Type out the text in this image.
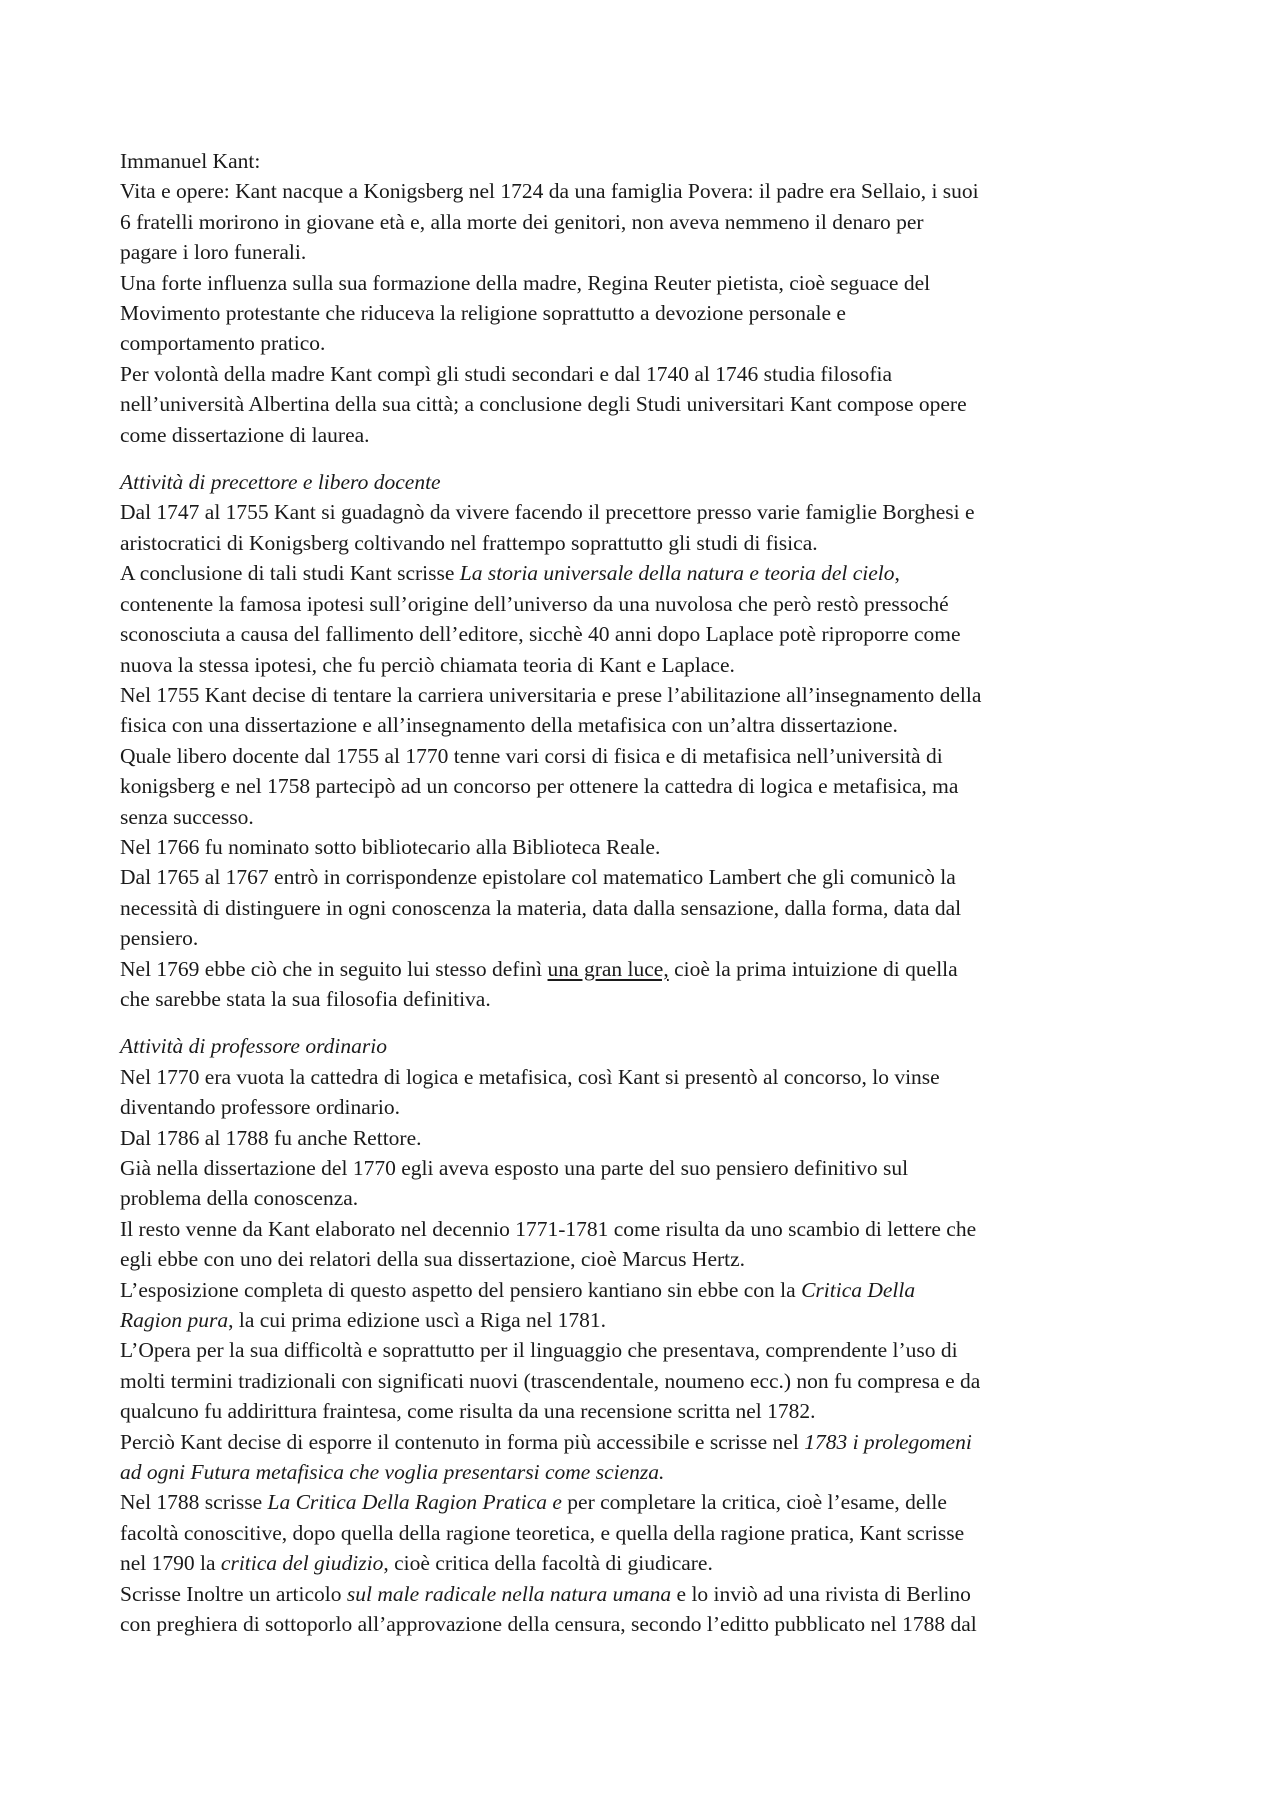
Immanuel Kant:
Vita e opere: Kant nacque a Konigsberg nel 1724 da una famiglia Povera: il padre era Sellaio, i suoi
6 fratelli morirono in giovane età e, alla morte dei genitori, non aveva nemmeno il denaro per
pagare i loro funerali.
Una forte influenza sulla sua formazione della madre, Regina Reuter pietista, cioè seguace del
Movimento protestante che riduceva la religione soprattutto a devozione personale e
comportamento pratico.
Per volontà della madre Kant compì gli studi secondari e dal 1740 al 1746 studia filosofia
nell’università Albertina della sua città; a conclusione degli Studi universitari Kant compose opere
come dissertazione di laurea.
Attività di precettore e libero docente
Dal 1747 al 1755 Kant si guadagnò da vivere facendo il precettore presso varie famiglie Borghesi e
aristocratici di Konigsberg coltivando nel frattempo soprattutto gli studi di fisica.
A conclusione di tali studi Kant scrisse La storia universale della natura e teoria del cielo,
contenente la famosa ipotesi sull’origine dell’universo da una nuvolosa che però restò pressoché
sconosciuta a causa del fallimento dell’editore, sicchè 40 anni dopo Laplace potè riproporre come
nuova la stessa ipotesi, che fu perciò chiamata teoria di Kant e Laplace.
Nel 1755 Kant decise di tentare la carriera universitaria e prese l’abilitazione all’insegnamento della
fisica con una dissertazione e all’insegnamento della metafisica con un’altra dissertazione.
Quale libero docente dal 1755 al 1770 tenne vari corsi di fisica e di metafisica nell’università di
konigsberg e nel 1758 partecipò ad un concorso per ottenere la cattedra di logica e metafisica, ma
senza successo.
Nel 1766 fu nominato sotto bibliotecario alla Biblioteca Reale.
Dal 1765 al 1767 entrò in corrispondenze epistolare col matematico Lambert che gli comunicò la
necessità di distinguere in ogni conoscenza la materia, data dalla sensazione, dalla forma, data dal
pensiero.
Nel 1769 ebbe ciò che in seguito lui stesso definì una gran luce, cioè la prima intuizione di quella
che sarebbe stata la sua filosofia definitiva.
Attività di professore ordinario
Nel 1770 era vuota la cattedra di logica e metafisica, così Kant si presentò al concorso, lo vinse
diventando professore ordinario.
Dal 1786 al 1788 fu anche Rettore.
Già nella dissertazione del 1770 egli aveva esposto una parte del suo pensiero definitivo sul
problema della conoscenza.
Il resto venne da Kant elaborato nel decennio 1771-1781 come risulta da uno scambio di lettere che
egli ebbe con uno dei relatori della sua dissertazione, cioè Marcus Hertz.
L’esposizione completa di questo aspetto del pensiero kantiano sin ebbe con la Critica Della
Ragion pura, la cui prima edizione uscì a Riga nel 1781.
L’Opera per la sua difficoltà e soprattutto per il linguaggio che presentava, comprendente l’uso di
molti termini tradizionali con significati nuovi (trascendentale, noumeno ecc.) non fu compresa e da
qualcuno fu addirittura fraintesa, come risulta da una recensione scritta nel 1782.
Perciò Kant decise di esporre il contenuto in forma più accessibile e scrisse nel 1783 i prolegomeni
ad ogni Futura metafisica che voglia presentarsi come scienza.
Nel 1788 scrisse La Critica Della Ragion Pratica e per completare la critica, cioè l’esame, delle
facoltà conoscitive, dopo quella della ragione teoretica, e quella della ragione pratica, Kant scrisse
nel 1790 la critica del giudizio, cioè critica della facoltà di giudicare.
Scrisse Inoltre un articolo sul male radicale nella natura umana e lo inviò ad una rivista di Berlino
con preghiera di sottoporlo all’approvazione della censura, secondo l’editto pubblicato nel 1788 dal
